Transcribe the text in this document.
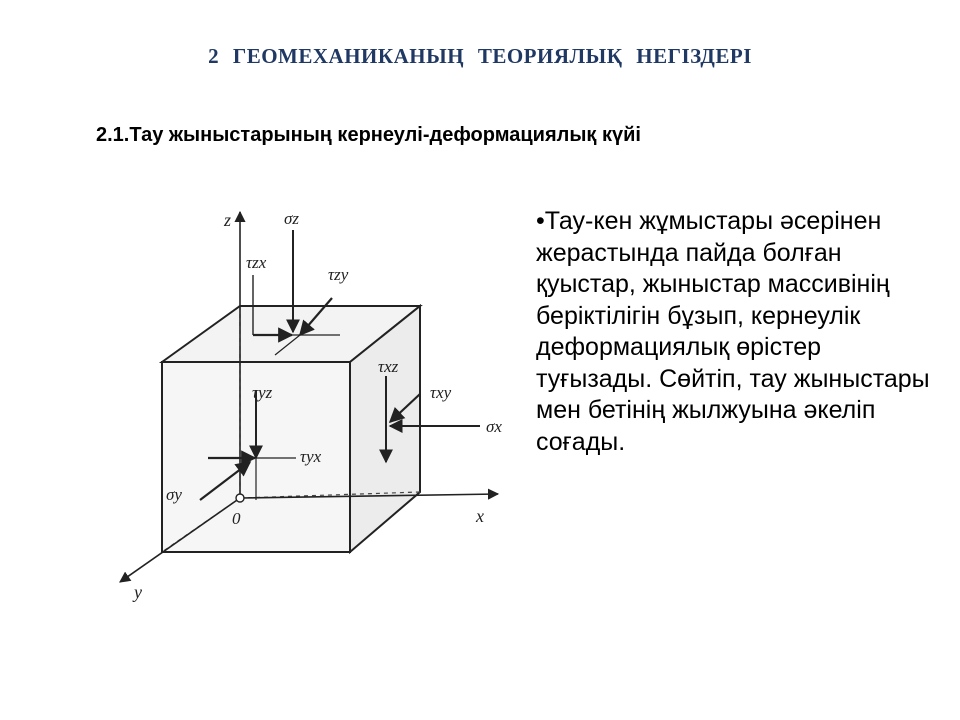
2 ГЕОМЕХАНИКАНЫҢ ТЕОРИЯЛЫҚ НЕГІЗДЕРІ
2.1.Тау жыныстарының кернеулі-деформациялық күйі
z
x
y
0
σz
τzx
τzy
τxz
τxy
σx
τyz
τyx
σy
•Тау-кен жұмыстары әсерінен жерастында пайда болған қуыстар, жыныстар массивінің беріктілігін бұзып, кернеулік деформациялық өрістер туғызады. Сөйтіп, тау жыныстары мен бетінің жылжуына әкеліп соғады.
